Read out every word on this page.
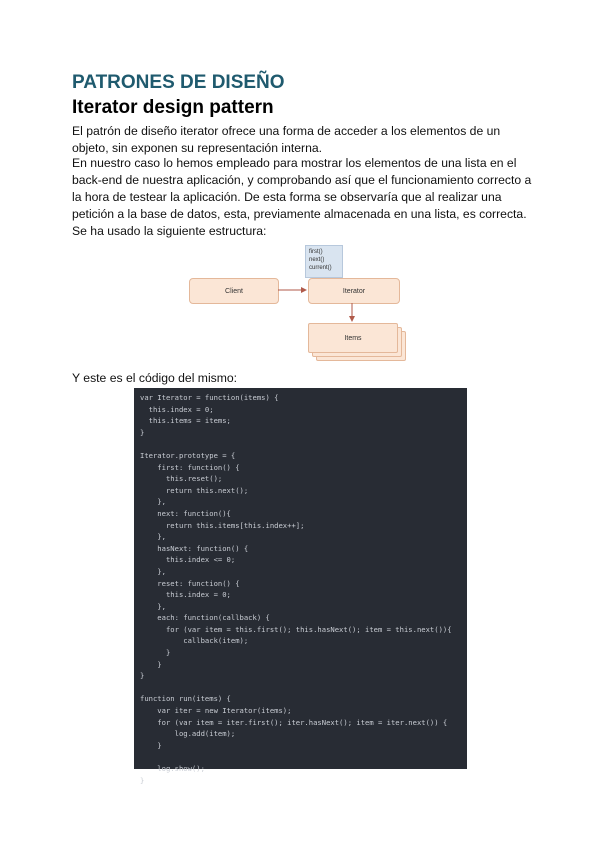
PATRONES DE DISEÑO
Iterator design pattern

El patrón de diseño iterator ofrece una forma de acceder a los elementos de un objeto, sin exponen su representación interna.

En nuestro caso lo hemos empleado para mostrar los elementos de una lista en el back-end de nuestra aplicación, y comprobando así que el funcionamiento correcto a la hora de testear la aplicación. De esta forma se observaría que al realizar una petición a la base de datos, esta, previamente almacenada en una lista, es correcta. Se ha usado la siguiente estructura:

first()
next()
current()
Client	Iterator
Items

Y este es el código del mismo:

var Iterator = function(items) {
this.index = 0;
this.items = items;
}

Iterator.prototype = {
first: function() {
this.reset();
return this.next();
},
next: function(){
return this.items[this.index++];
},
hasNext: function() {
this.index <= 0;
},
reset: function() {
this.index = 0;
},
each: function(callback) {
for (var item = this.first(); this.hasNext(); item = this.next()){
callback(item);
}
}
}

function run(items) {
var iter = new Iterator(items);
for (var item = iter.first(); iter.hasNext(); item = iter.next()) {
log.add(item);
}

log.show();
}
